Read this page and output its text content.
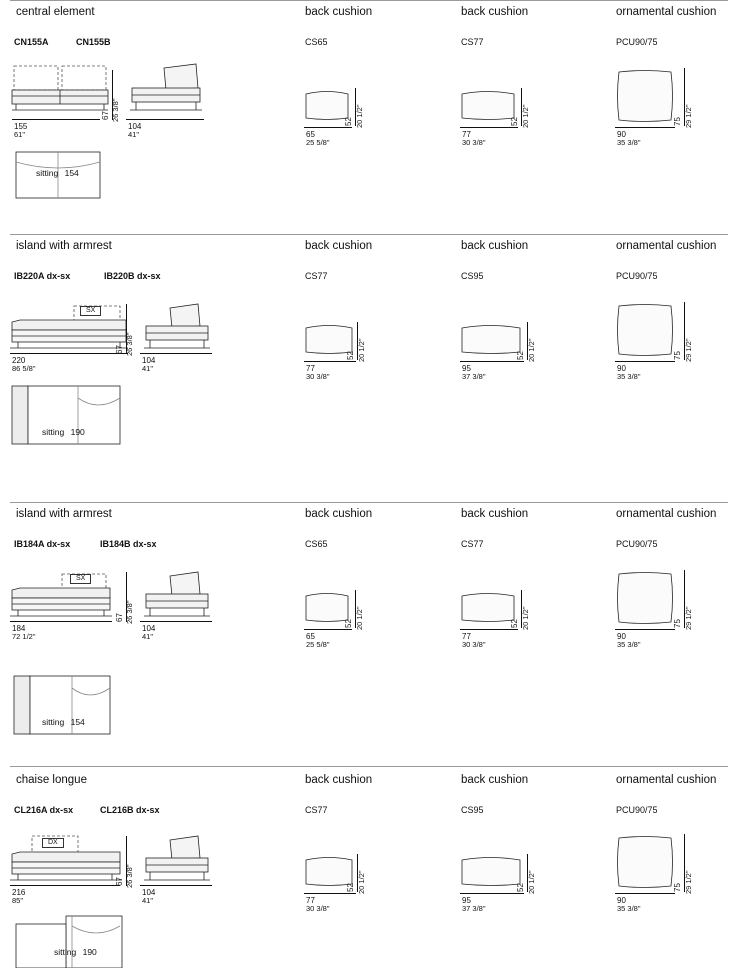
central element
CN155A	CN155B
155
61"
sitting 154
67 26 3/8"
104
41"
back cushion
CS65
65
25 5/8"
52 20 1/2"
back cushion
CS77
77
30 3/8"
52 20 1/2"
ornamental cushion
PCU90/75
90
35 3/8"
75 29 1/2"
island with armrest
IB220A dx-sx	IB220B dx-sx
SX
220
86 5/8"
sitting 190
67 26 3/8"
104
41"
back cushion
CS77
77
30 3/8"
52 20 1/2"
back cushion
CS95
95
37 3/8"
52 20 1/2"
ornamental cushion
PCU90/75
90
35 3/8"
75 29 1/2"
island with armrest
IB184A dx-sx	IB184B dx-sx
SX
184
72 1/2"
sitting 154
67 26 3/8"
104
41"
back cushion
CS65
65
25 5/8"
52 20 1/2"
back cushion
CS77
77
30 3/8"
52 20 1/2"
ornamental cushion
PCU90/75
90
35 3/8"
75 29 1/2"
chaise longue
CL216A dx-sx	CL216B dx-sx
DX
216
85"
sitting 190
67 26 3/8"
104
41"
back cushion
CS77
77
30 3/8"
52 20 1/2"
back cushion
CS95
95
37 3/8"
52 20 1/2"
ornamental cushion
PCU90/75
90
35 3/8"
75 29 1/2"
